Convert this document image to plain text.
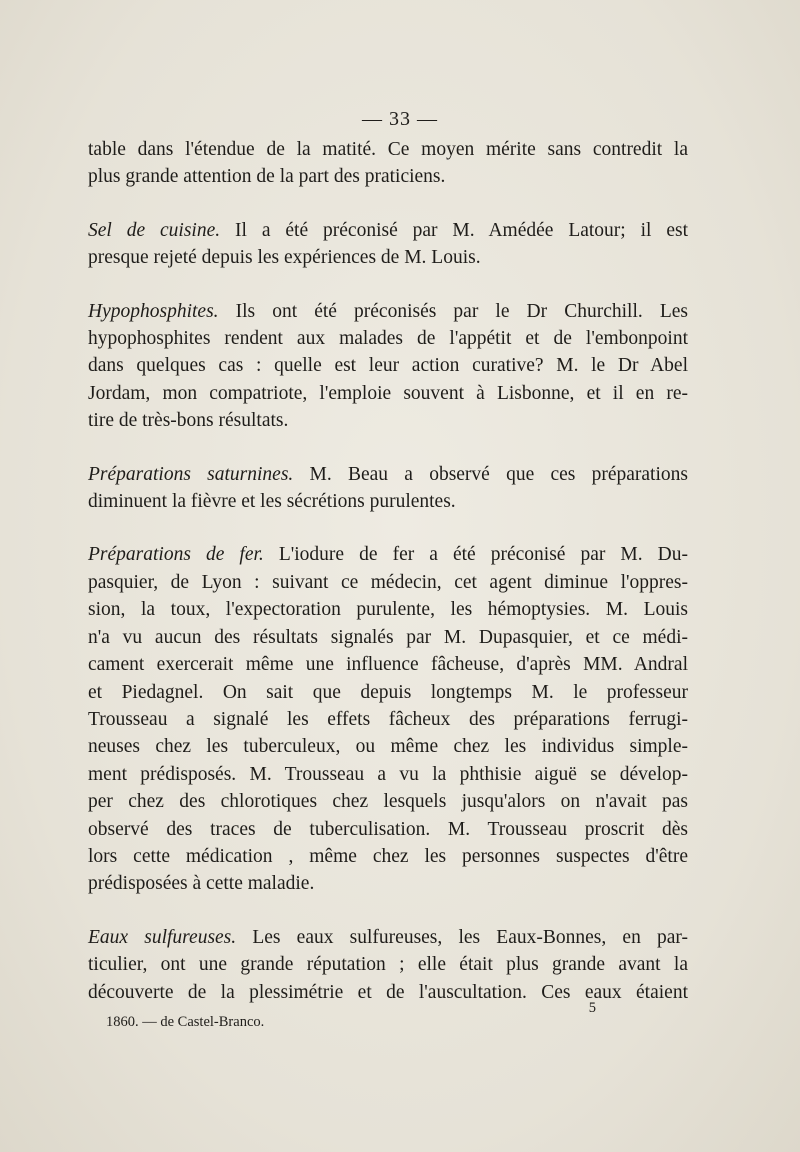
— 33 —
table dans l'étendue de la matité. Ce moyen mérite sans contredit la
plus grande attention de la part des praticiens.
Sel de cuisine. Il a été préconisé par M. Amédée Latour; il est
presque rejeté depuis les expériences de M. Louis.
Hypophosphites. Ils ont été préconisés par le Dr Churchill. Les
hypophosphites rendent aux malades de l'appétit et de l'embonpoint
dans quelques cas : quelle est leur action curative? M. le Dr Abel
Jordam, mon compatriote, l'emploie souvent à Lisbonne, et il en re-
tire de très-bons résultats.
Préparations saturnines. M. Beau a observé que ces préparations
diminuent la fièvre et les sécrétions purulentes.
Préparations de fer. L'iodure de fer a été préconisé par M. Du-
pasquier, de Lyon : suivant ce médecin, cet agent diminue l'oppres-
sion, la toux, l'expectoration purulente, les hémoptysies. M. Louis
n'a vu aucun des résultats signalés par M. Dupasquier, et ce médi-
cament exercerait même une influence fâcheuse, d'après MM. Andral
et Piedagnel. On sait que depuis longtemps M. le professeur
Trousseau a signalé les effets fâcheux des préparations ferrugi-
neuses chez les tuberculeux, ou même chez les individus simple-
ment prédisposés. M. Trousseau a vu la phthisie aiguë se dévelop-
per chez des chlorotiques chez lesquels jusqu'alors on n'avait pas
observé des traces de tuberculisation. M. Trousseau proscrit dès
lors cette médication , même chez les personnes suspectes d'être
prédisposées à cette maladie.
Eaux sulfureuses. Les eaux sulfureuses, les Eaux-Bonnes, en par-
ticulier, ont une grande réputation ; elle était plus grande avant la
découverte de la plessimétrie et de l'auscultation. Ces eaux étaient
1860. — de Castel-Branco.
5
